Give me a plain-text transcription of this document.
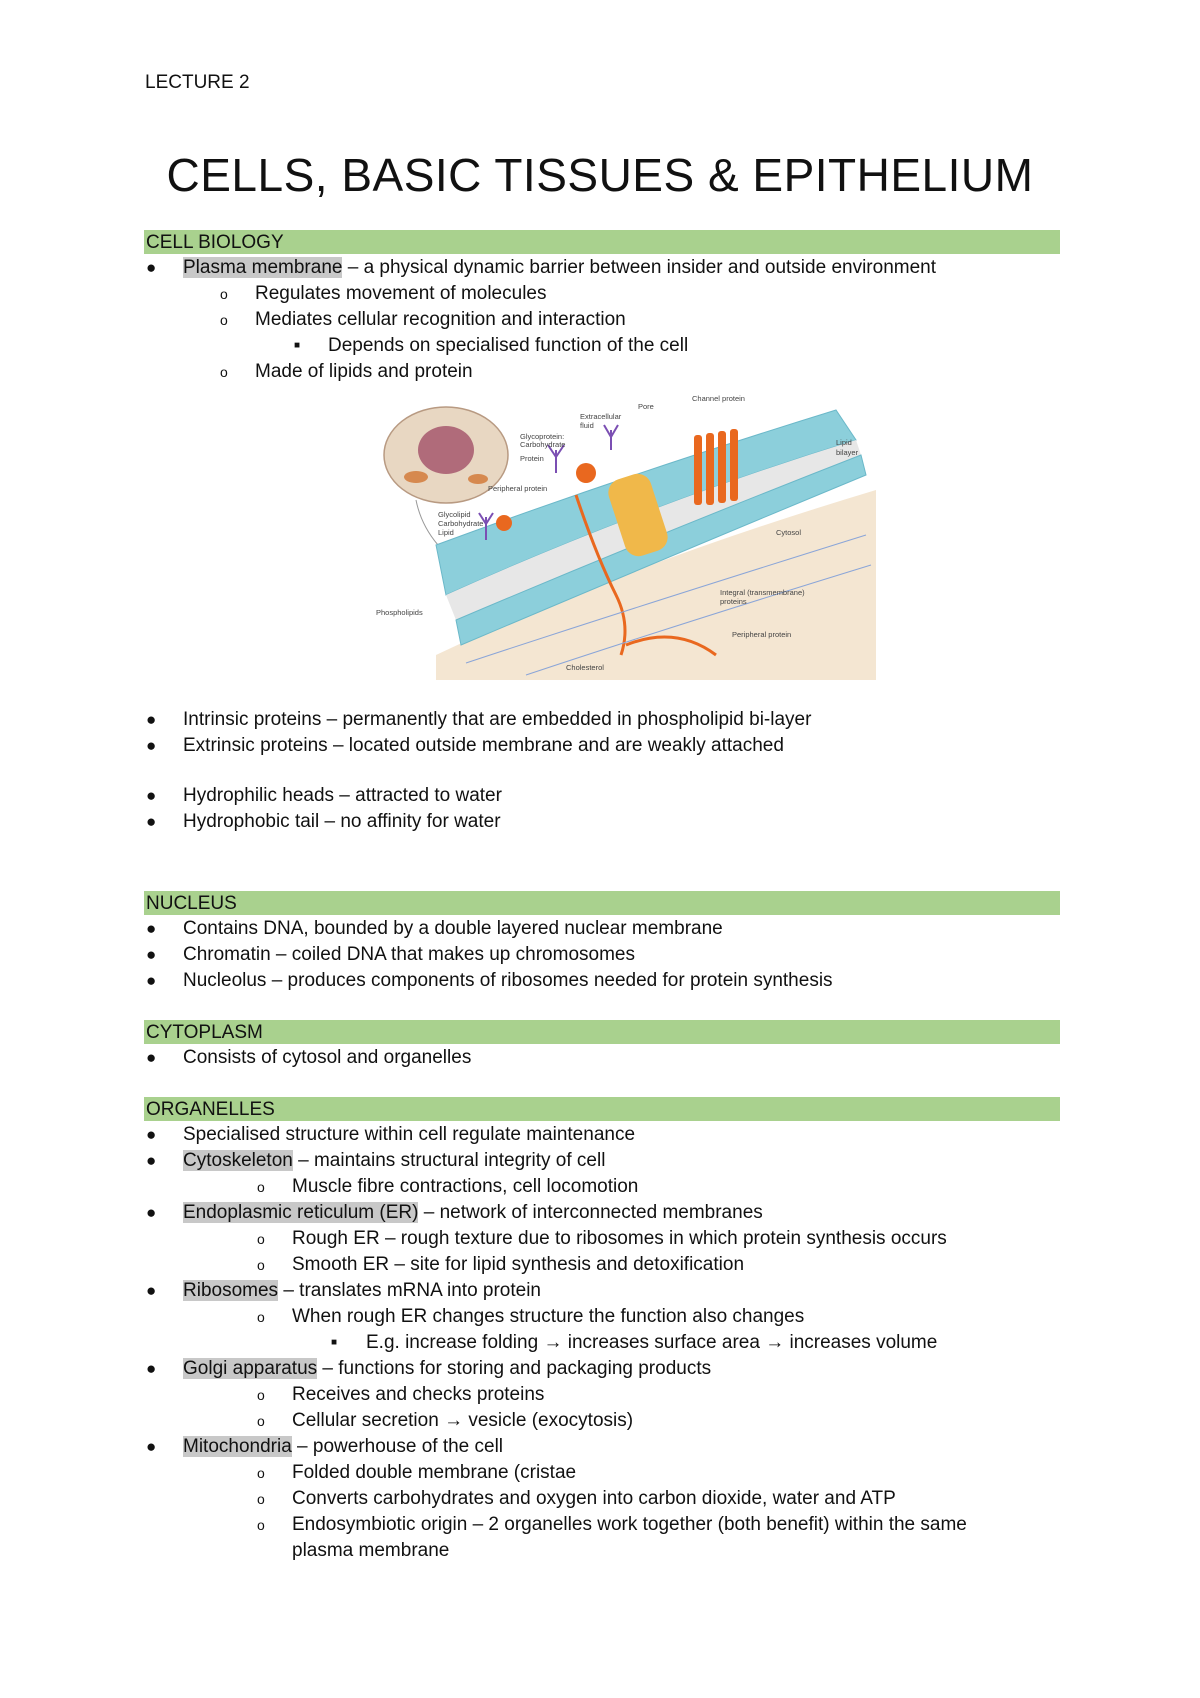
LECTURE 2
CELLS, BASIC TISSUES & EPITHELIUM
CELL BIOLOGY
● Plasma membrane – a physical dynamic barrier between insider and outside environment
o Regulates movement of molecules
o Mediates cellular recognition and interaction
■ Depends on specialised function of the cell
o Made of lipids and protein
Pore
Channel protein
Extracellular
fluid
Glycoprotein:
Carbohydrate
Protein
Lipid
bilayer
Peripheral protein
Glycolipid
Carbohydrate
Lipid	Cytosol
Integral (transmembrane)
proteins
Phospholipids
Peripheral protein
Cholesterol
● Intrinsic proteins – permanently that are embedded in phospholipid bi-layer
● Extrinsic proteins – located outside membrane and are weakly attached
● Hydrophilic heads – attracted to water
● Hydrophobic tail – no affinity for water
NUCLEUS
● Contains DNA, bounded by a double layered nuclear membrane
● Chromatin – coiled DNA that makes up chromosomes
● Nucleolus – produces components of ribosomes needed for protein synthesis
CYTOPLASM
● Consists of cytosol and organelles
ORGANELLES
● Specialised structure within cell regulate maintenance
● Cytoskeleton – maintains structural integrity of cell
o Muscle fibre contractions, cell locomotion
● Endoplasmic reticulum (ER) – network of interconnected membranes
o Rough ER – rough texture due to ribosomes in which protein synthesis occurs
o Smooth ER – site for lipid synthesis and detoxification
● Ribosomes – translates mRNA into protein
o When rough ER changes structure the function also changes
■ E.g. increase folding → increases surface area → increases volume
● Golgi apparatus – functions for storing and packaging products
o Receives and checks proteins
o Cellular secretion → vesicle (exocytosis)
● Mitochondria – powerhouse of the cell
o Folded double membrane (cristae
o Converts carbohydrates and oxygen into carbon dioxide, water and ATP
o Endosymbiotic origin – 2 organelles work together (both benefit) within the same
plasma membrane
